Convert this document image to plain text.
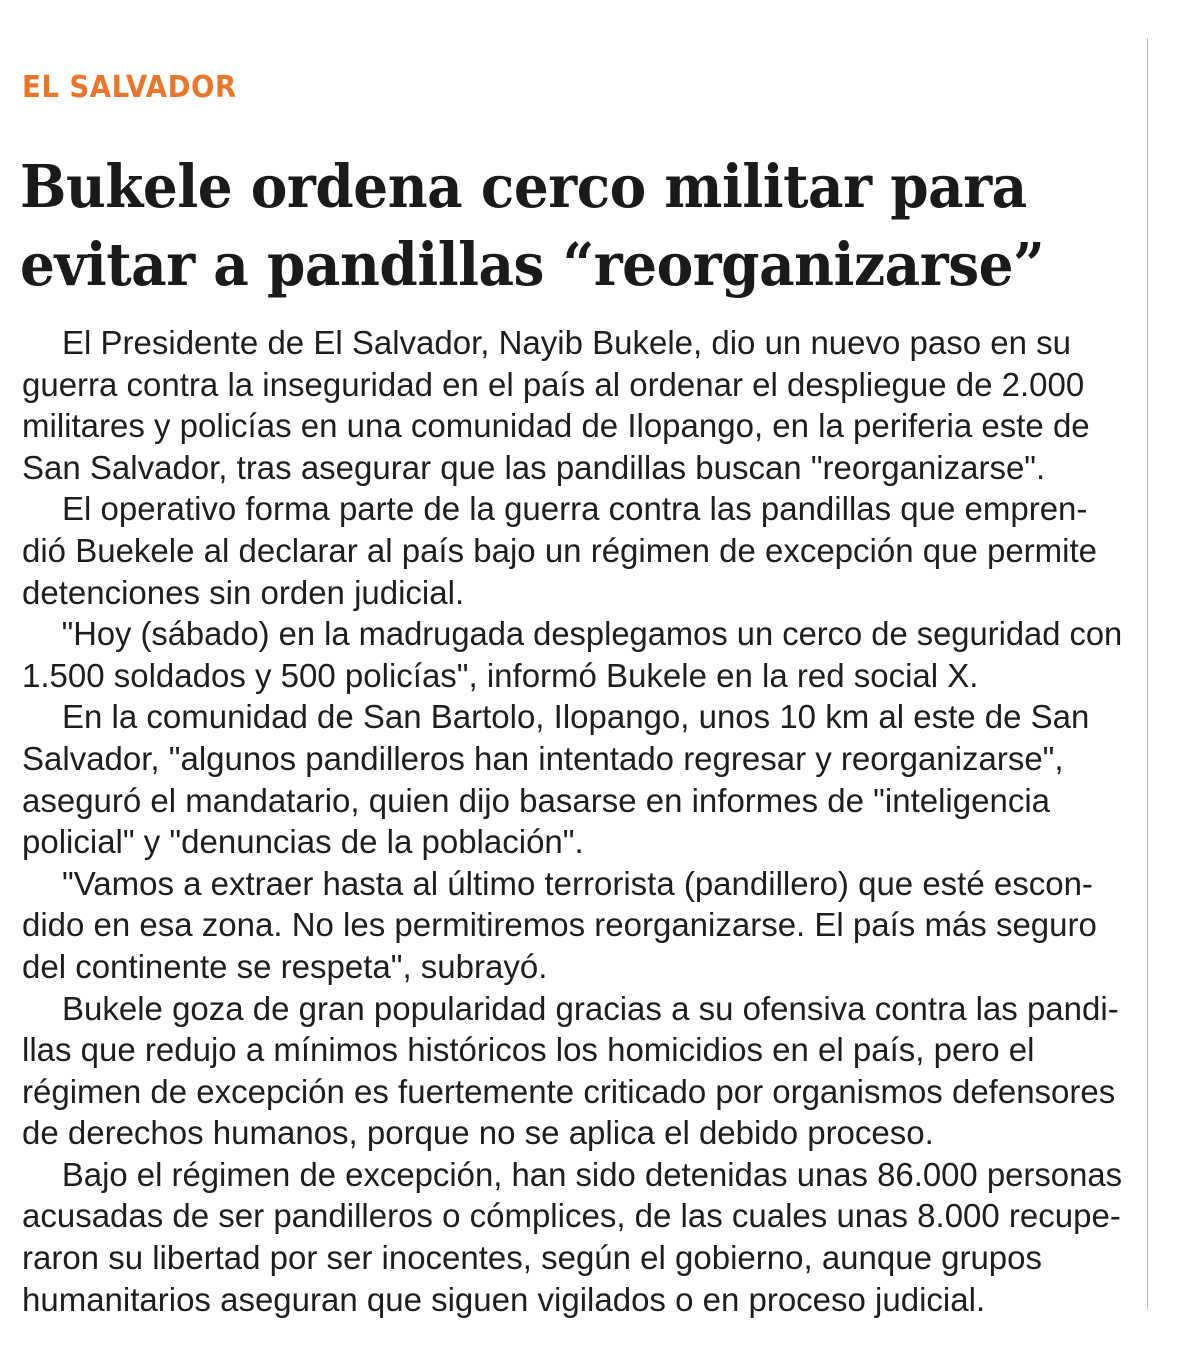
EL SALVADOR
Bukele ordena cerco militar para
evitar a pandillas “reorganizarse”
El Presidente de El Salvador, Nayib Bukele, dio un nuevo paso en su
guerra contra la inseguridad en el país al ordenar el despliegue de 2.000
militares y policías en una comunidad de Ilopango, en la periferia este de
San Salvador, tras asegurar que las pandillas buscan "reorganizarse".
El operativo forma parte de la guerra contra las pandillas que empren-
dió Buekele al declarar al país bajo un régimen de excepción que permite
detenciones sin orden judicial.
"Hoy (sábado) en la madrugada desplegamos un cerco de seguridad con
1.500 soldados y 500 policías", informó Bukele en la red social X.
En la comunidad de San Bartolo, Ilopango, unos 10 km al este de San
Salvador, "algunos pandilleros han intentado regresar y reorganizarse",
aseguró el mandatario, quien dijo basarse en informes de "inteligencia
policial" y "denuncias de la población".
"Vamos a extraer hasta al último terrorista (pandillero) que esté escon-
dido en esa zona. No les permitiremos reorganizarse. El país más seguro
del continente se respeta", subrayó.
Bukele goza de gran popularidad gracias a su ofensiva contra las pandi-
llas que redujo a mínimos históricos los homicidios en el país, pero el
régimen de excepción es fuertemente criticado por organismos defensores
de derechos humanos, porque no se aplica el debido proceso.
Bajo el régimen de excepción, han sido detenidas unas 86.000 personas
acusadas de ser pandilleros o cómplices, de las cuales unas 8.000 recupe-
raron su libertad por ser inocentes, según el gobierno, aunque grupos
humanitarios aseguran que siguen vigilados o en proceso judicial.
